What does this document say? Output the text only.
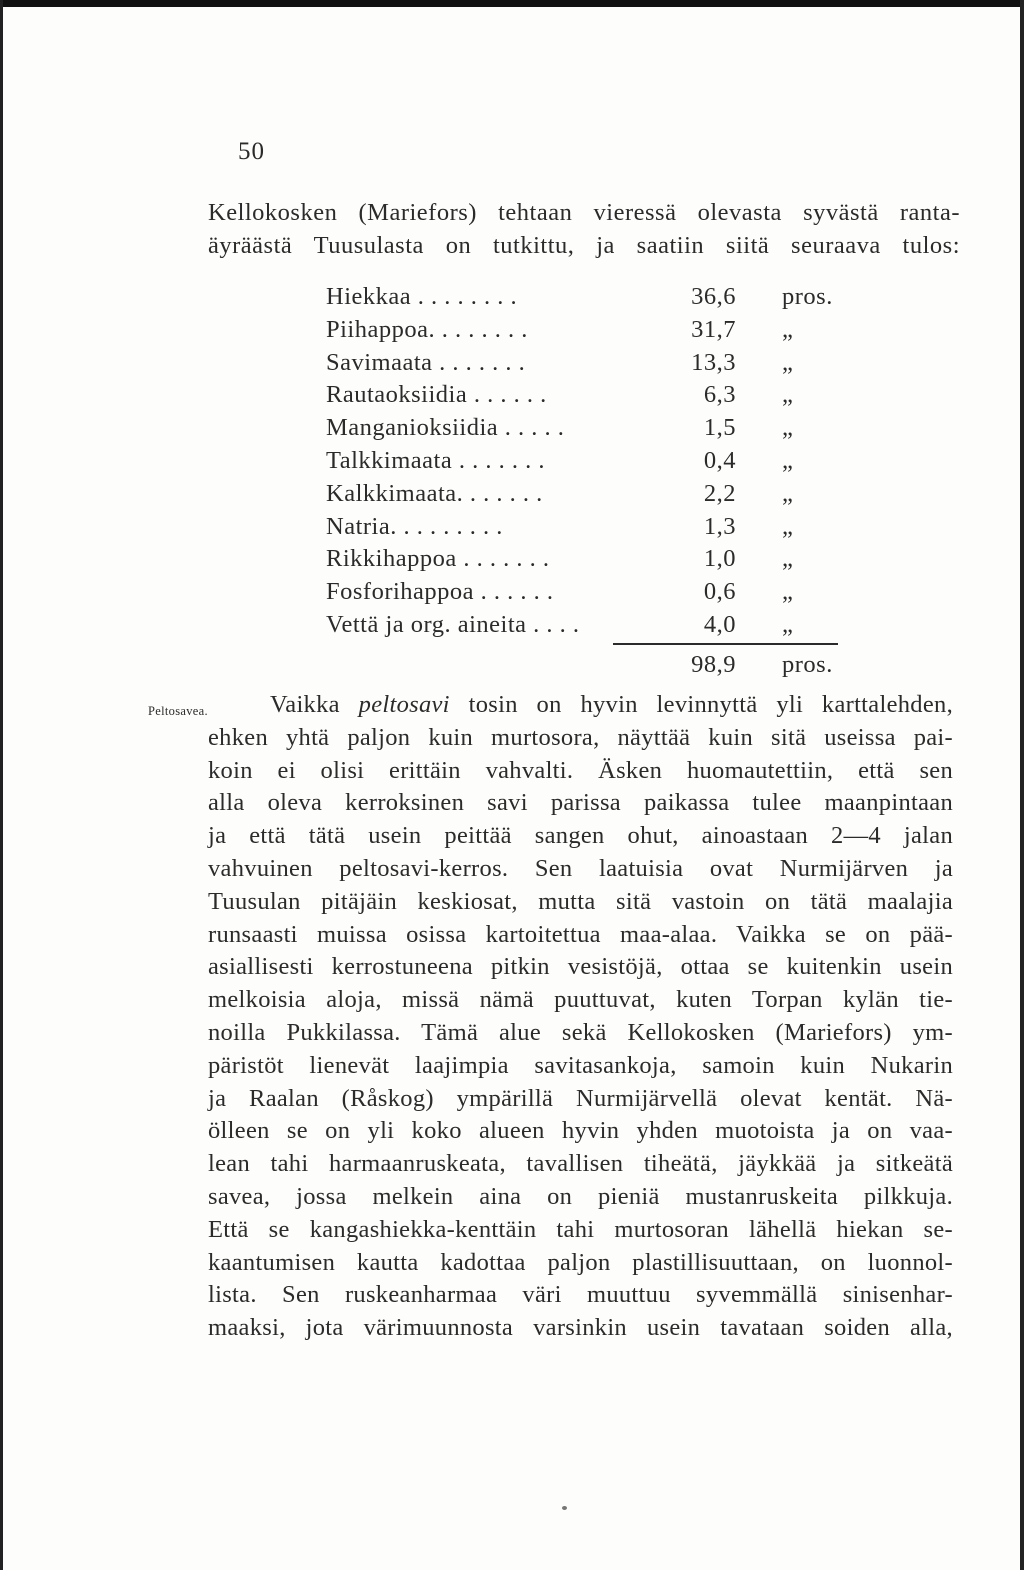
50
Kellokosken (Mariefors) tehtaan vieressä olevasta syvästä ranta-
äyräästä Tuusulasta on tutkittu, ja saatiin siitä seuraava tulos:
Hiekkaa . . . . . . . .	36,6 pros.
Piihappoa. . . . . . . .	31,7 „
Savimaata . . . . . . .	13,3 „
Rautaoksiidia . . . . . .	6,3 „
Manganioksiidia . . . . .	1,5 „
Talkkimaata . . . . . . .	0,4 „
Kalkkimaata. . . . . . .	2,2 „
Natria. . . . . . . . .	1,3 „
Rikkihappoa . . . . . . .	1,0 „
Fosforihappoa . . . . . .	0,6 „
Vettä ja org. aineita . . . .	4,0 „
98,9 pros.
Peltosavea.	Vaikka peltosavi tosin on hyvin levinnyttä yli karttalehden,
ehken yhtä paljon kuin murtosora, näyttää kuin sitä useissa pai-
koin ei olisi erittäin vahvalti. Äsken huomautettiin, että sen
alla oleva kerroksinen savi parissa paikassa tulee maanpintaan
ja että tätä usein peittää sangen ohut, ainoastaan 2—4 jalan
vahvuinen peltosavi-kerros. Sen laatuisia ovat Nurmijärven ja
Tuusulan pitäjäin keskiosat, mutta sitä vastoin on tätä maalajia
runsaasti muissa osissa kartoitettua maa-alaa. Vaikka se on pää-
asiallisesti kerrostuneena pitkin vesistöjä, ottaa se kuitenkin usein
melkoisia aloja, missä nämä puuttuvat, kuten Torpan kylän tie-
noilla Pukkilassa. Tämä alue sekä Kellokosken (Mariefors) ym-
päristöt lienevät laajimpia savitasankoja, samoin kuin Nukarin
ja Raalan (Råskog) ympärillä Nurmijärvellä olevat kentät. Nä-
ölleen se on yli koko alueen hyvin yhden muotoista ja on vaa-
lean tahi harmaanruskeata, tavallisen tiheätä, jäykkää ja sitkeätä
savea, jossa melkein aina on pieniä mustanruskeita pilkkuja.
Että se kangashiekka-kenttäin tahi murtosoran lähellä hiekan se-
kaantumisen kautta kadottaa paljon plastillisuuttaan, on luonnol-
lista. Sen ruskeanharmaa väri muuttuu syvemmällä sinisenhar-
maaksi, jota värimuunnosta varsinkin usein tavataan soiden alla,
